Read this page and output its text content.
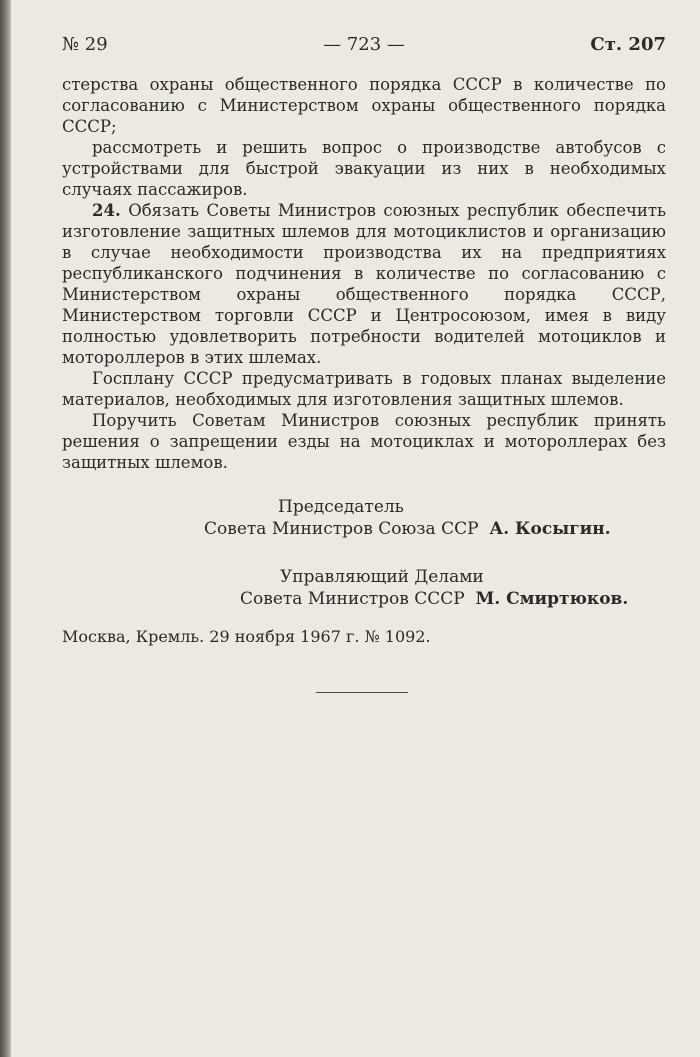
№ 29	— 723 —	Ст. 207

стерства охраны общественного порядка СССР в количестве по согласованию с Министерством охраны общественного порядка СССР;

рассмотреть и решить вопрос о производстве автобусов с устройствами для быстрой эвакуации из них в необходимых случаях пассажиров.

24. Обязать Советы Министров союзных республик обеспечить изготовление защитных шлемов для мотоциклистов и организацию в случае необходимости производства их на предприятиях республиканского подчинения в количестве по согласованию с Министерством охраны общественного порядка СССР, Министерством торговли СССР и Центросоюзом, имея в виду полностью удовлетворить потребности водителей мотоциклов и мотороллеров в этих шлемах.

Госплану СССР предусматривать в годовых планах выделение материалов, необходимых для изготовления защитных шлемов.

Поручить Советам Министров союзных республик принять решения о запрещении езды на мотоциклах и мотороллерах без защитных шлемов.

Председатель
Совета Министров Союза ССР А. Косыгин.
Управляющий Делами
Совета Министров СССР М. Смиртюков.
Москва, Кремль. 29 ноября 1967 г. № 1092.
